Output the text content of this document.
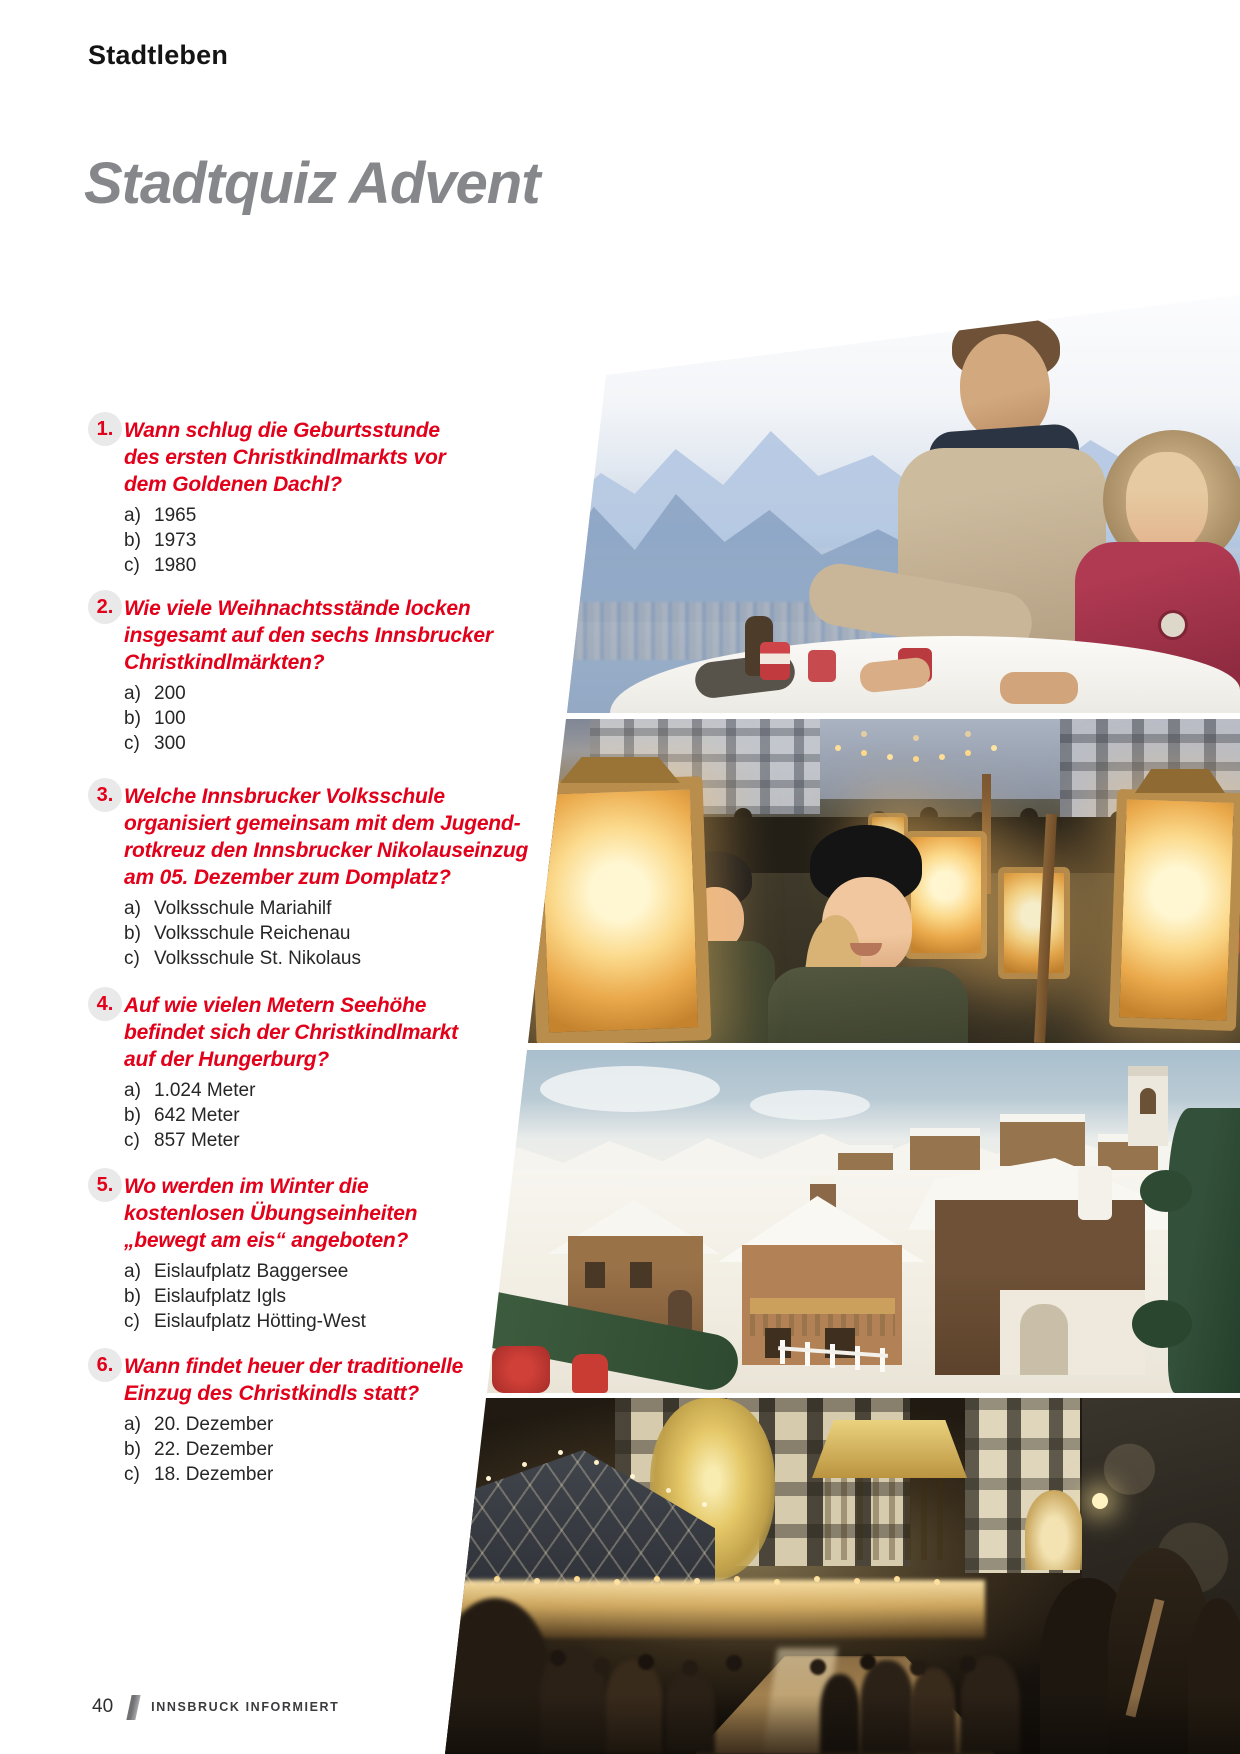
Stadtleben
Stadtquiz Advent
1. Wann schlug die Geburtsstunde
des ersten Christkindlmarkts vor
dem Goldenen Dachl?
a) 1965
b) 1973
c) 1980
2. Wie viele Weihnachtsstände locken
insgesamt auf den sechs Innsbrucker
Christkindlmärkten?
a) 200
b) 100
c) 300
3. Welche Innsbrucker Volksschule
organisiert gemeinsam mit dem Jugend-
rotkreuz den Innsbrucker Nikolauseinzug
am 05. Dezember zum Domplatz?
a) Volksschule Mariahilf
b) Volksschule Reichenau
c) Volksschule St. Nikolaus
4. Auf wie vielen Metern Seehöhe
befindet sich der Christkindlmarkt
auf der Hungerburg?
a) 1.024 Meter
b) 642 Meter
c) 857 Meter
5. Wo werden im Winter die
kostenlosen Übungseinheiten
„bewegt am eis“ angeboten?
a) Eislaufplatz Baggersee
b) Eislaufplatz Igls
c) Eislaufplatz Hötting-West
6. Wann findet heuer der traditionelle
Einzug des Christkindls statt?
a) 20. Dezember
b) 22. Dezember
c) 18. Dezember
40	INNSBRUCK INFORMIERT
